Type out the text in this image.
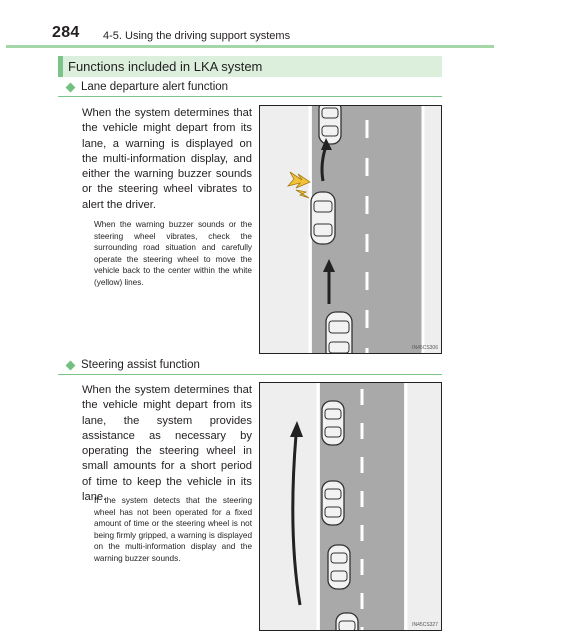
284 4-5. Using the driving support systems
Functions included in LKA system
Lane departure alert function
When the system determines that the vehicle might depart from its lane, a warning is displayed on the multi-information display, and either the warning buzzer sounds or the steering wheel vibrates to alert the driver.
When the warning buzzer sounds or the steering wheel vibrates, check the surrounding road situation and carefully operate the steering wheel to move the vehicle back to the center within the white (yellow) lines.
IN45CS306
Steering assist function
When the system determines that the vehicle might depart from its lane, the system provides assistance as necessary by operating the steering wheel in small amounts for a short period of time to keep the vehicle in its lane.
If the system detects that the steering wheel has not been operated for a fixed amount of time or the steering wheel is not being firmly gripped, a warning is displayed on the multi-information display and the warning buzzer sounds.
IN45CS327
